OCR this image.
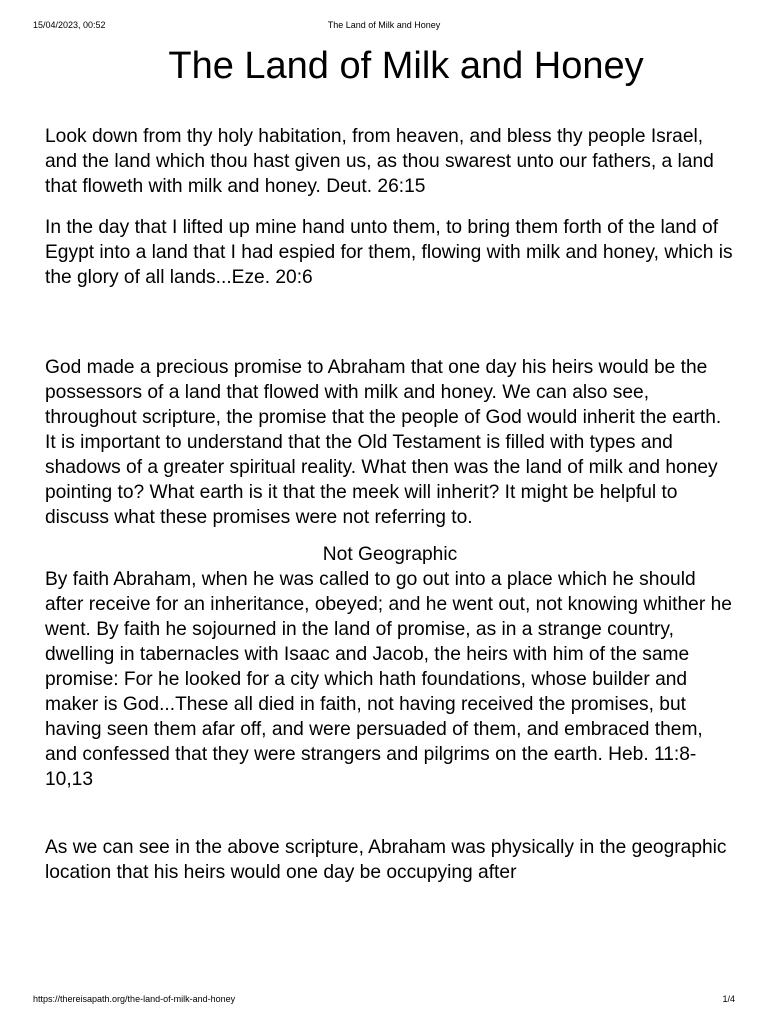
15/04/2023, 00:52	The Land of Milk and Honey
The Land of Milk and Honey

Look down from thy holy habitation, from heaven, and bless thy people Israel, and the land which thou hast given us, as thou swarest unto our fathers, a land that floweth with milk and honey. Deut. 26:15

In the day that I lifted up mine hand unto them, to bring them forth of the land of Egypt into a land that I had espied for them, flowing with milk and honey, which is the glory of all lands...Eze. 20:6

God made a precious promise to Abraham that one day his heirs would be the possessors of a land that flowed with milk and honey. We can also see, throughout scripture, the promise that the people of God would inherit the earth. It is important to understand that the Old Testament is filled with types and shadows of a greater spiritual reality. What then was the land of milk and honey pointing to? What earth is it that the meek will inherit? It might be helpful to discuss what these promises were not referring to.

Not Geographic

By faith Abraham, when he was called to go out into a place which he should after receive for an inheritance, obeyed; and he went out, not knowing whither he went. By faith he sojourned in the land of promise, as in a strange country, dwelling in tabernacles with Isaac and Jacob, the heirs with him of the same promise: For he looked for a city which hath foundations, whose builder and maker is God...These all died in faith, not having received the promises, but having seen them afar off, and were persuaded of them, and embraced them, and confessed that they were strangers and pilgrims on the earth. Heb. 11:8-10,13

As we can see in the above scripture, Abraham was physically in the geographic location that his heirs would one day be occupying after

https://thereisapath.org/the-land-of-milk-and-honey	1/4
